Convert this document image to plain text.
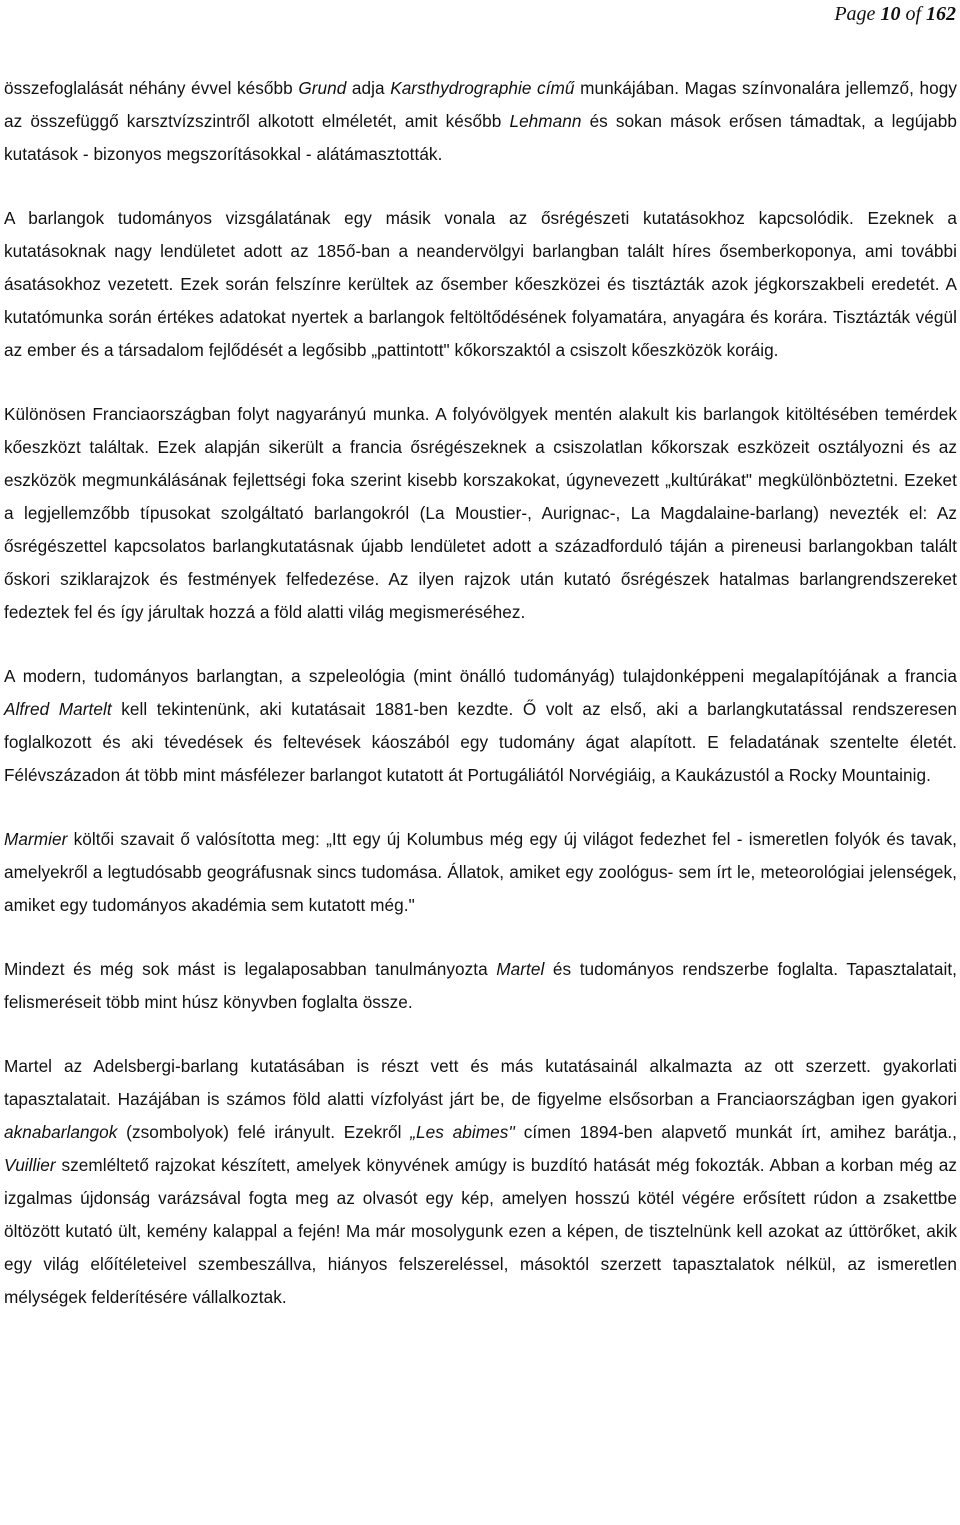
Page 10 of 162

összefoglalását néhány évvel később Grund adja Karsthydrographie című munkájában. Magas színvonalára jellemző, hogy az összefüggő karsztvízszintről alkotott elméletét, amit később Lehmann és sokan mások erősen támadtak, a legújabb kutatások - bizonyos megszorításokkal - alátámasztották.

A barlangok tudományos vizsgálatának egy másik vonala az ősrégészeti kutatásokhoz kapcsolódik. Ezeknek a kutatásoknak nagy lendületet adott az 185ő-ban a neandervölgyi barlangban talált híres ősemberkoponya, ami további ásatásokhoz vezetett. Ezek során felszínre kerültek az ősember kőeszközei és tisztázták azok jégkorszakbeli eredetét. A kutatómunka során értékes adatokat nyertek a barlangok feltöltődésének folyamatára, anyagára és korára. Tisztázták végül az ember és a társadalom fejlődését a legősibb „pattintott" kőkorszaktól a csiszolt kőeszközök koráig.

Különösen Franciaországban folyt nagyarányú munka. A folyóvölgyek mentén alakult kis barlangok kitöltésében temérdek kőeszközt találtak. Ezek alapján sikerült a francia ősrégészeknek a csiszolatlan kőkorszak eszközeit osztályozni és az eszközök megmunkálásának fejlettségi foka szerint kisebb korszakokat, úgynevezett „kultúrákat" megkülönböztetni. Ezeket a legjellemzőbb típusokat szolgáltató barlangokról (La Moustier-, Aurignac-, La Magdalaine-barlang) nevezték el: Az ősrégészettel kapcsolatos barlangkutatásnak újabb lendületet adott a századforduló táján a pireneusi barlangokban talált őskori sziklarajzok és festmények felfedezése. Az ilyen rajzok után kutató ősrégészek hatalmas barlangrendszereket fedeztek fel és így járultak hozzá a föld alatti világ megismeréséhez.

A modern, tudományos barlangtan, a szpeleológia (mint önálló tudományág) tulajdonképpeni megalapítójának a francia Alfred Martelt kell tekintenünk, aki kutatásait 1881-ben kezdte. Ő volt az első, aki a barlangkutatással rendszeresen foglalkozott és aki tévedések és feltevések káoszából egy tudomány ágat alapított. E feladatának szentelte életét. Félévszázadon át több mint másfélezer barlangot kutatott át Portugáliától Norvégiáig, a Kaukázustól a Rocky Mountainig.

Marmier költői szavait ő valósította meg: „Itt egy új Kolumbus még egy új világot fedezhet fel - ismeretlen folyók és tavak, amelyekről a legtudósabb geográfusnak sincs tudomása. Állatok, amiket egy zoológus- sem írt le, meteorológiai jelenségek, amiket egy tudományos akadémia sem kutatott még."

Mindezt és még sok mást is legalaposabban tanulmányozta Martel és tudományos rendszerbe foglalta. Tapasztalatait, felismeréseit több mint húsz könyvben foglalta össze.

Martel az Adelsbergi-barlang kutatásában is részt vett és más kutatásainál alkalmazta az ott szerzett. gyakorlati tapasztalatait. Hazájában is számos föld alatti vízfolyást járt be, de figyelme elsősorban a Franciaországban igen gyakori aknabarlangok (zsombolyok) felé irányult. Ezekről „Les abimes'' címen 1894-ben alapvető munkát írt, amihez barátja., Vuillier szemléltető rajzokat készített, amelyek könyvének amúgy is buzdító hatását még fokozták. Abban a korban még az izgalmas újdonság varázsával fogta meg az olvasót egy kép, amelyen hosszú kötél végére erősített rúdon a zsakettbe öltözött kutató ült, kemény kalappal a fején! Ma már mosolygunk ezen a képen, de tisztelnünk kell azokat az úttörőket, akik egy világ előítéleteivel szembeszállva, hiányos felszereléssel, másoktól szerzett tapasztalatok nélkül, az ismeretlen mélységek felderítésére vállalkoztak.
